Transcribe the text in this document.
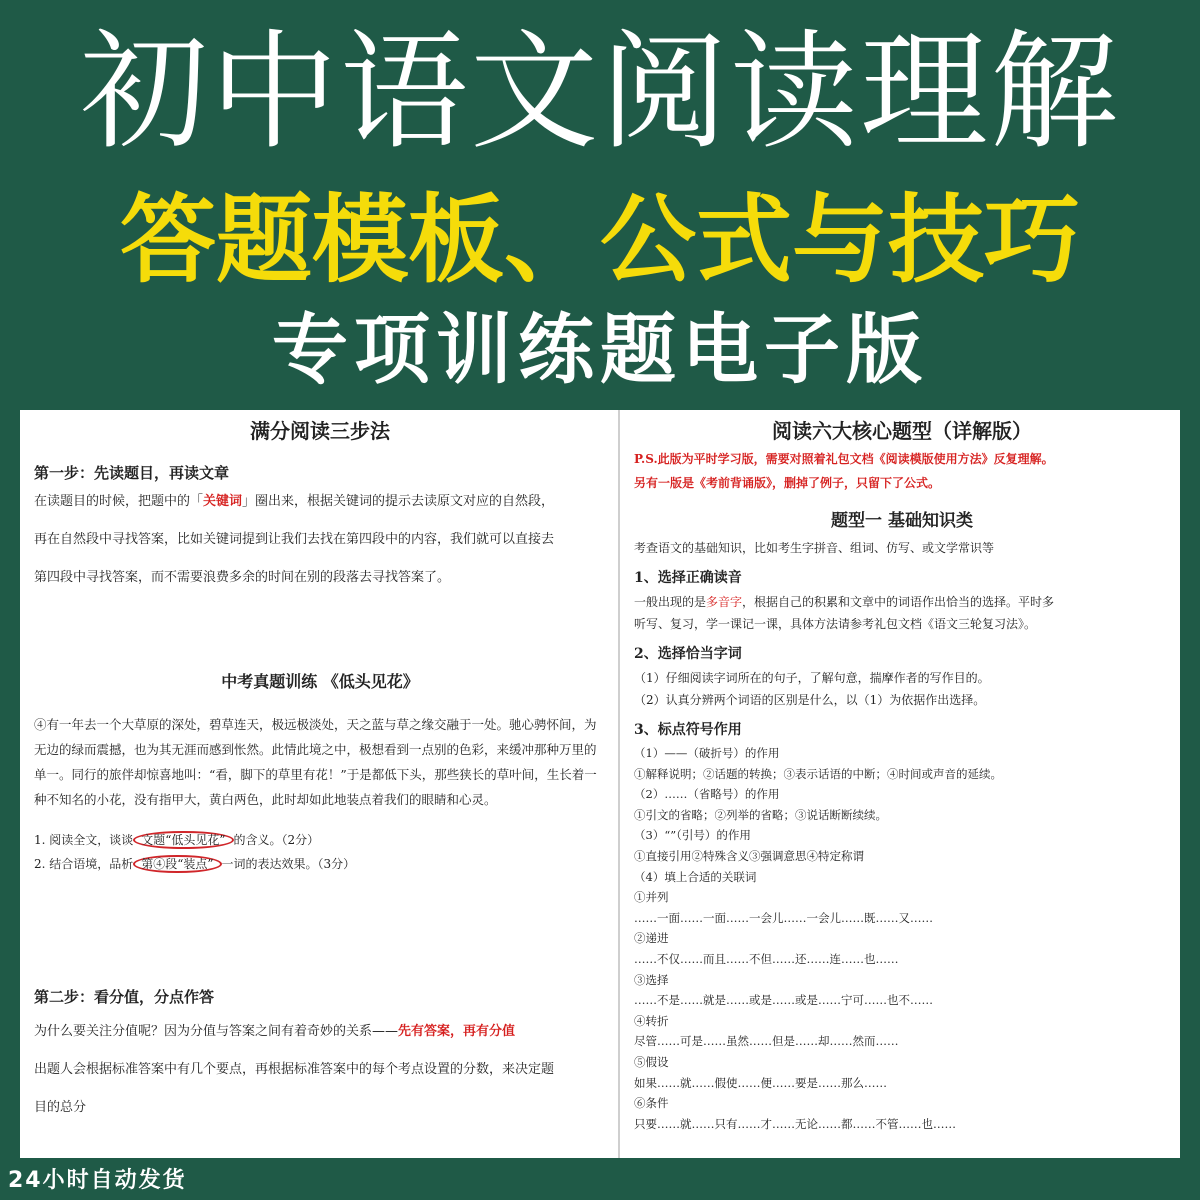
初中语文阅读理解
答题模板、公式与技巧
专项训练题电子版

满分阅读三步法

第一步：先读题目，再读文章

在读题目的时候，把题中的「关键词」圈出来，根据关键词的提示去读原文对应的自然段，

再在自然段中寻找答案，比如关键词提到让我们去找在第四段中的内容，我们就可以直接去

第四段中寻找答案，而不需要浪费多余的时间在别的段落去寻找答案了。

中考真题训练 《低头见花》

④有一年去一个大草原的深处，碧草连天，极远极淡处，天之蓝与草之缘交融于一处。驰心骋怀间，为无边的绿而震撼，也为其无涯而感到怅然。此情此境之中，极想看到一点别的色彩，来缓冲那种万里的单一。同行的旅伴却惊喜地叫：“看，脚下的草里有花！”于是都低下头，那些狭长的草叶间，生长着一种不知名的小花，没有指甲大，黄白两色，此时却如此地装点着我们的眼睛和心灵。

1. 阅读全文，谈谈 文题“低头见花” 的含义。（2分）

2. 结合语境，品析 第④段“装点” 一词的表达效果。（3分）

第二步：看分值，分点作答

为什么要关注分值呢？因为分值与答案之间有着奇妙的关系——先有答案，再有分值

出题人会根据标准答案中有几个要点，再根据标准答案中的每个考点设置的分数，来决定题

目的总分

阅读六大核心题型（详解版）

P.S.此版为平时学习版，需要对照着礼包文档《阅读模版使用方法》反复理解。

另有一版是《考前背诵版》，删掉了例子，只留下了公式。

题型一 基础知识类

考查语文的基础知识，比如考生字拼音、组词、仿写、或文学常识等

1、选择正确读音

一般出现的是多音字，根据自己的积累和文章中的词语作出恰当的选择。平时多

听写、复习，学一课记一课，具体方法请参考礼包文档《语文三轮复习法》。

2、选择恰当字词

（1）仔细阅读字词所在的句子，了解句意，揣摩作者的写作目的。

（2）认真分辨两个词语的区别是什么，以（1）为依据作出选择。

3、标点符号作用

（1）——（破折号）的作用

①解释说明；②话题的转换；③表示话语的中断；④时间或声音的延续。

（2）……（省略号）的作用

①引文的省略；②列举的省略；③说话断断续续。

（3）“”（引号）的作用

①直接引用②特殊含义③强调意思④特定称谓

（4）填上合适的关联词

①并列

……一面……一面……一会儿……一会儿……既……又……

②递进

……不仅……而且……不但……还……连……也……

③选择

……不是……就是……或是……或是……宁可……也不……

④转折

尽管……可是……虽然……但是……却……然而……

⑤假设

如果……就……假使……便……要是……那么……

⑥条件

只要……就……只有……才……无论……都……不管……也……

24小时自动发货
